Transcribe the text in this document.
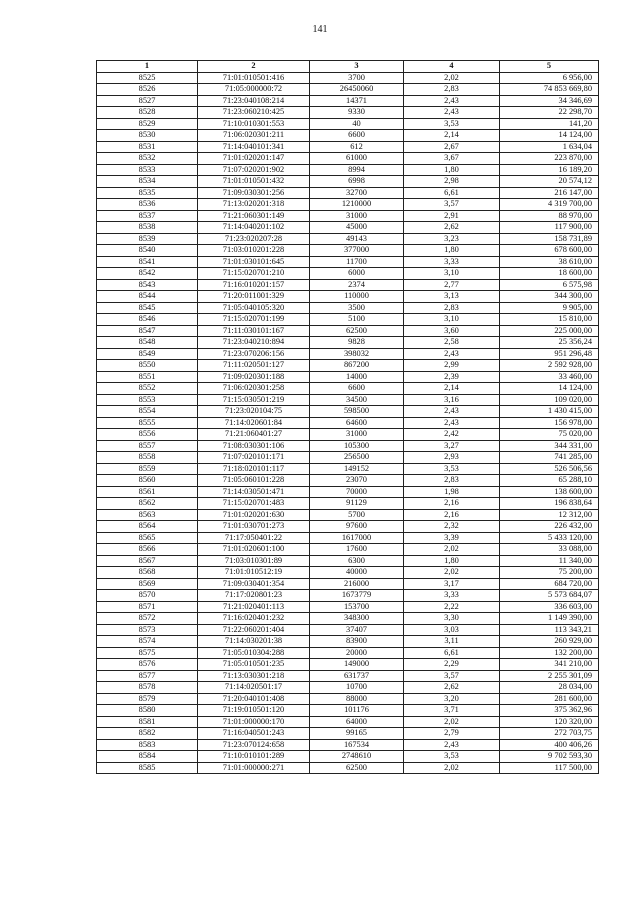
141
1	2	3	4	5
8525	71:01:010501:416	3700	2,02	6 956,00
8526	71:05:000000:72	26450060	2,83	74 853 669,80
8527	71:23:040108:214	14371	2,43	34 346,69
8528	71:23:060210:425	9330	2,43	22 298,70
8529	71:10:010301:553	40	3,53	141,20
8530	71:06:020301:211	6600	2,14	14 124,00
8531	71:14:040101:341	612	2,67	1 634,04
8532	71:01:020201:147	61000	3,67	223 870,00
8533	71:07:020201:902	8994	1,80	16 189,20
8534	71:01:010501:432	6998	2,98	20 574,12
8535	71:09:030301:256	32700	6,61	216 147,00
8536	71:13:020201:318	1210000	3,57	4 319 700,00
8537	71:21:060301:149	31000	2,91	88 970,00
8538	71:14:040201:102	45000	2,62	117 900,00
8539	71:23:020207:28	49143	3,23	158 731,89
8540	71:03:010201:228	377000	1,80	678 600,00
8541	71:01:030101:645	11700	3,33	38 610,00
8542	71:15:020701:210	6000	3,10	18 600,00
8543	71:16:010201:157	2374	2,77	6 575,98
8544	71:20:011001:329	110000	3,13	344 300,00
8545	71:05:040105:320	3500	2,83	9 905,00
8546	71:15:020701:199	5100	3,10	15 810,00
8547	71:11:030101:167	62500	3,60	225 000,00
8548	71:23:040210:894	9828	2,58	25 356,24
8549	71:23:070206:156	398032	2,43	951 296,48
8550	71:11:020501:127	867200	2,99	2 592 928,00
8551	71:09:020301:188	14000	2,39	33 460,00
8552	71:06:020301:258	6600	2,14	14 124,00
8553	71:15:030501:219	34500	3,16	109 020,00
8554	71:23:020104:75	598500	2,43	1 430 415,00
8555	71:14:020601:84	64600	2,43	156 978,00
8556	71:21:060401:27	31000	2,42	75 020,00
8557	71:08:030301:106	105300	3,27	344 331,00
8558	71:07:020101:171	256500	2,93	741 285,00
8559	71:18:020101:117	149152	3,53	526 506,56
8560	71:05:060101:228	23070	2,83	65 288,10
8561	71:14:030501:471	70000	1,98	138 600,00
8562	71:15:020701:483	91129	2,16	196 838,64
8563	71:01:020201:630	5700	2,16	12 312,00
8564	71:01:030701:273	97600	2,32	226 432,00
8565	71:17:050401:22	1617000	3,39	5 433 120,00
8566	71:01:020601:100	17600	2,02	33 088,00
8567	71:03:010301:89	6300	1,80	11 340,00
8568	71:01:010512:19	40000	2,02	75 200,00
8569	71:09:030401:354	216000	3,17	684 720,00
8570	71:17:020801:23	1673779	3,33	5 573 684,07
8571	71:21:020401:113	153700	2,22	336 603,00
8572	71:16:020401:232	348300	3,30	1 149 390,00
8573	71:22:060201:404	37407	3,03	113 343,21
8574	71:14:030201:38	83900	3,11	260 929,00
8575	71:05:010304:288	20000	6,61	132 200,00
8576	71:05:010501:235	149000	2,29	341 210,00
8577	71:13:030301:218	631737	3,57	2 255 301,09
8578	71:14:020501:17	10700	2,62	28 034,00
8579	71:20:040101:408	88000	3,20	281 600,00
8580	71:19:010501:120	101176	3,71	375 362,96
8581	71:01:000000:170	64000	2,02	120 320,00
8582	71:16:040501:243	99165	2,79	272 703,75
8583	71:23:070124:658	167534	2,43	400 406,26
8584	71:10:010101:289	2748610	3,53	9 702 593,30
8585	71:01:000000:271	62500	2,02	117 500,00
